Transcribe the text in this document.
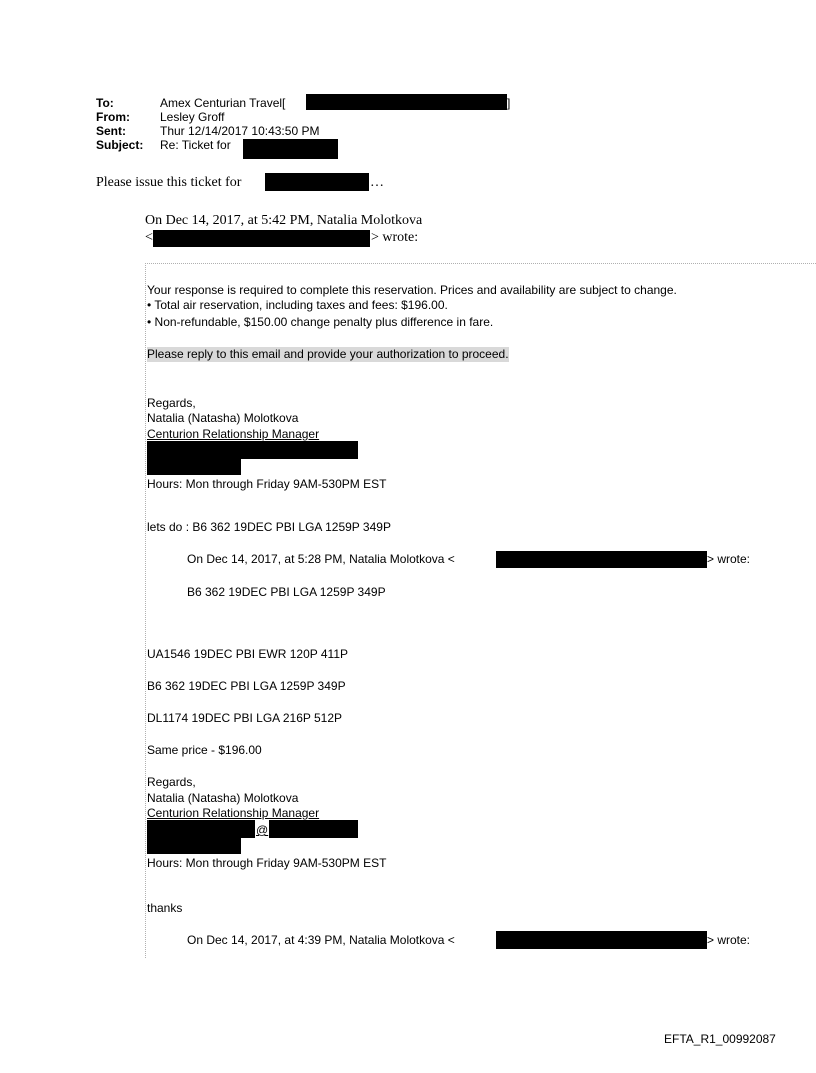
To:	Amex Centurian Travel[	]
From:	Lesley Groff
Sent:	Thur 12/14/2017 10:43:50 PM
Subject: Re: Ticket for
Please issue this ticket for	…
On Dec 14, 2017, at 5:42 PM, Natalia Molotkova
<	> wrote:
Your response is required to complete this reservation. Prices and availability are subject to change.
• Total air reservation, including taxes and fees: $196.00.
• Non-refundable, $150.00 change penalty plus difference in fare.
Please reply to this email and provide your authorization to proceed.
Regards,
Natalia (Natasha) Molotkova
Centurion Relationship Manager
Hours: Mon through Friday 9AM-530PM EST
lets do : B6 362 19DEC PBI LGA 1259P 349P
On Dec 14, 2017, at 5:28 PM, Natalia Molotkova <	> wrote:
B6 362 19DEC PBI LGA 1259P 349P
UA1546 19DEC PBI EWR 120P 411P
B6 362 19DEC PBI LGA 1259P 349P
DL1174 19DEC PBI LGA 216P 512P
Same price - $196.00
Regards,
Natalia (Natasha) Molotkova
Centurion Relationship Manager
@
Hours: Mon through Friday 9AM-530PM EST
thanks
On Dec 14, 2017, at 4:39 PM, Natalia Molotkova <	> wrote:
EFTA_R1_00992087
